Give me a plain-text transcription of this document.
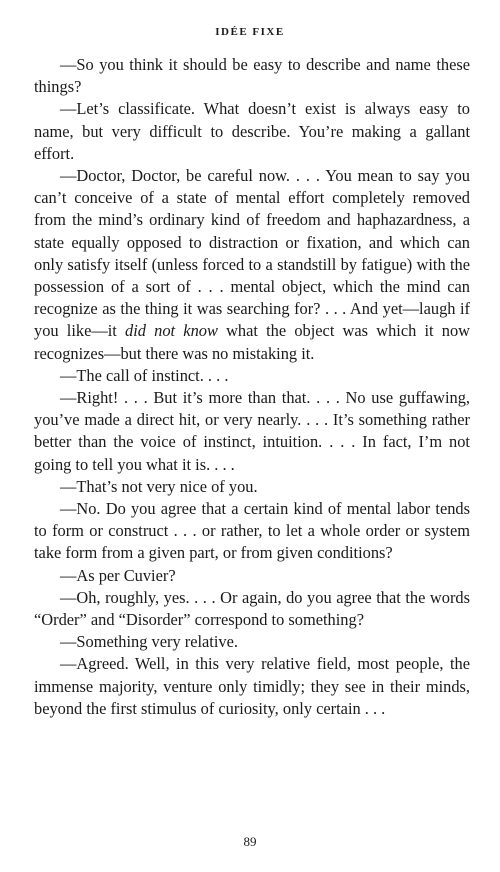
IDÉE FIXE

—So you think it should be easy to describe and name these things?

—Let’s classificate. What doesn’t exist is always easy to name, but very difficult to describe. You’re making a gallant effort.

—Doctor, Doctor, be careful now. . . . You mean to say you can’t conceive of a state of mental effort completely removed from the mind’s ordinary kind of freedom and haphazardness, a state equally opposed to distraction or fixation, and which can only satisfy itself (unless forced to a standstill by fatigue) with the possession of a sort of . . . mental object, which the mind can recognize as the thing it was searching for? . . . And yet—laugh if you like—it did not know what the object was which it now recognizes—but there was no mistaking it.

—The call of instinct. . . .

—Right! . . . But it’s more than that. . . . No use guffawing, you’ve made a direct hit, or very nearly. . . . It’s something rather better than the voice of instinct, intuition. . . . In fact, I’m not going to tell you what it is. . . .

—That’s not very nice of you.

—No. Do you agree that a certain kind of mental labor tends to form or construct . . . or rather, to let a whole order or system take form from a given part, or from given conditions?

—As per Cuvier?

—Oh, roughly, yes. . . . Or again, do you agree that the words “Order” and “Disorder” correspond to something?

—Something very relative.

—Agreed. Well, in this very relative field, most people, the immense majority, venture only timidly; they see in their minds, beyond the first stimulus of curiosity, only certain . . .

89
